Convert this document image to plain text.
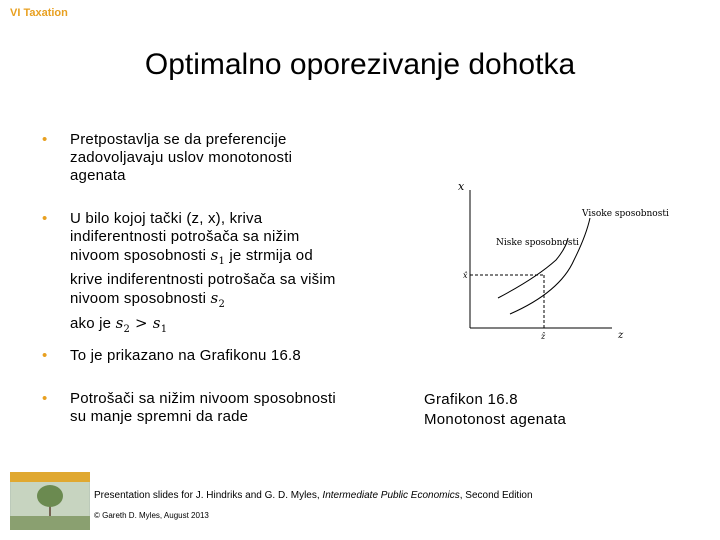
VI Taxation
Optimalno oporezivanje dohotka
• Pretpostavlja se da preferencije zadovoljavaju uslov monotonosti agenata
• U bilo kojoj tački (z, x), kriva indiferentnosti potrošača sa nižim nivoom sposobnosti $s_1$ je strmija od krive indiferentnosti potrošača sa višim nivoom sposobnosti $s_2$
ako je $s_2 > s_1$
• To je prikazano na Grafikonu 16.8
• Potrošači sa nižim nivoom sposobnosti su manje spremni da rade
x
z
Visoke sposobnosti
Niske sposobnosti
x̂
ẑ
Grafikon 16.8
Monotonost agenata
Presentation slides for J. Hindriks and G. D. Myles, Intermediate Public Economics, Second Edition
© Gareth D. Myles, August 2013
